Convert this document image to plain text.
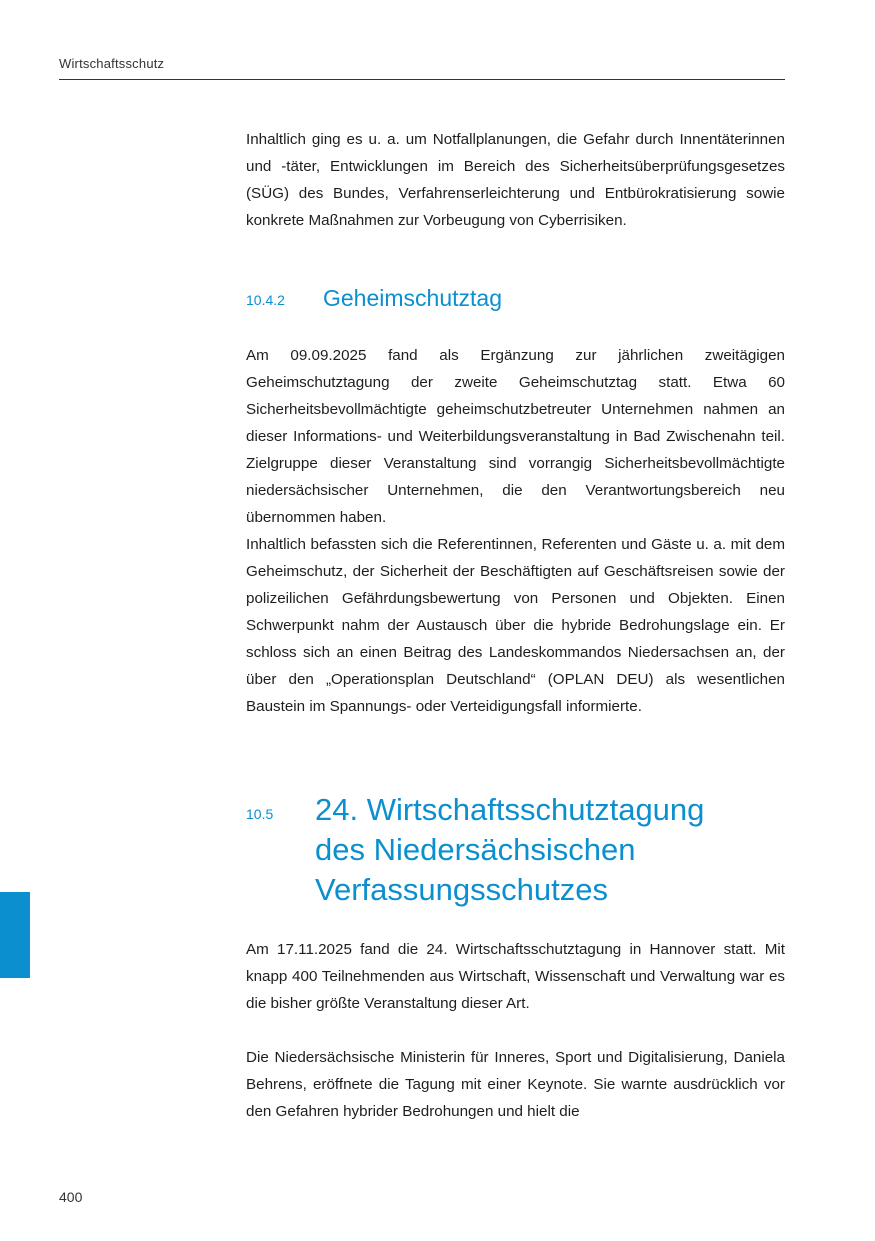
Wirtschaftsschutz

Inhaltlich ging es u. a. um Notfallplanungen, die Gefahr durch Innentäterinnen und -täter, Entwicklungen im Bereich des Sicherheitsüberprüfungsgesetzes (SÜG) des Bundes, Verfahrenserleichterung und Entbürokratisierung sowie konkrete Maßnahmen zur Vorbeugung von Cyberrisiken.

10.4.2 Geheimschutztag

Am 09.09.2025 fand als Ergänzung zur jährlichen zweitägigen Geheimschutztagung der zweite Geheimschutztag statt. Etwa 60 Sicherheitsbevollmächtigte geheimschutzbetreuter Unternehmen nahmen an dieser Informations- und Weiterbildungsveranstaltung in Bad Zwischenahn teil. Zielgruppe dieser Veranstaltung sind vorrangig Sicherheitsbevollmächtigte niedersächsischer Unternehmen, die den Verantwortungsbereich neu übernommen haben.

Inhaltlich befassten sich die Referentinnen, Referenten und Gäste u. a. mit dem Geheimschutz, der Sicherheit der Beschäftigten auf Geschäftsreisen sowie der polizeilichen Gefährdungsbewertung von Personen und Objekten. Einen Schwerpunkt nahm der Austausch über die hybride Bedrohungslage ein. Er schloss sich an einen Beitrag des Landeskommandos Niedersachsen an, der über den „Operationsplan Deutschland“ (OPLAN DEU) als wesentlichen Baustein im Spannungs- oder Verteidigungsfall informierte.

10.5 24. Wirtschaftsschutztagung
des Niedersächsischen
Verfassungsschutzes

Am 17.11.2025 fand die 24. Wirtschaftsschutztagung in Hannover statt. Mit knapp 400 Teilnehmenden aus Wirtschaft, Wissenschaft und Verwaltung war es die bisher größte Veranstaltung dieser Art.

Die Niedersächsische Ministerin für Inneres, Sport und Digitalisierung, Daniela Behrens, eröffnete die Tagung mit einer Keynote. Sie warnte ausdrücklich vor den Gefahren hybrider Bedrohungen und hielt die

400
